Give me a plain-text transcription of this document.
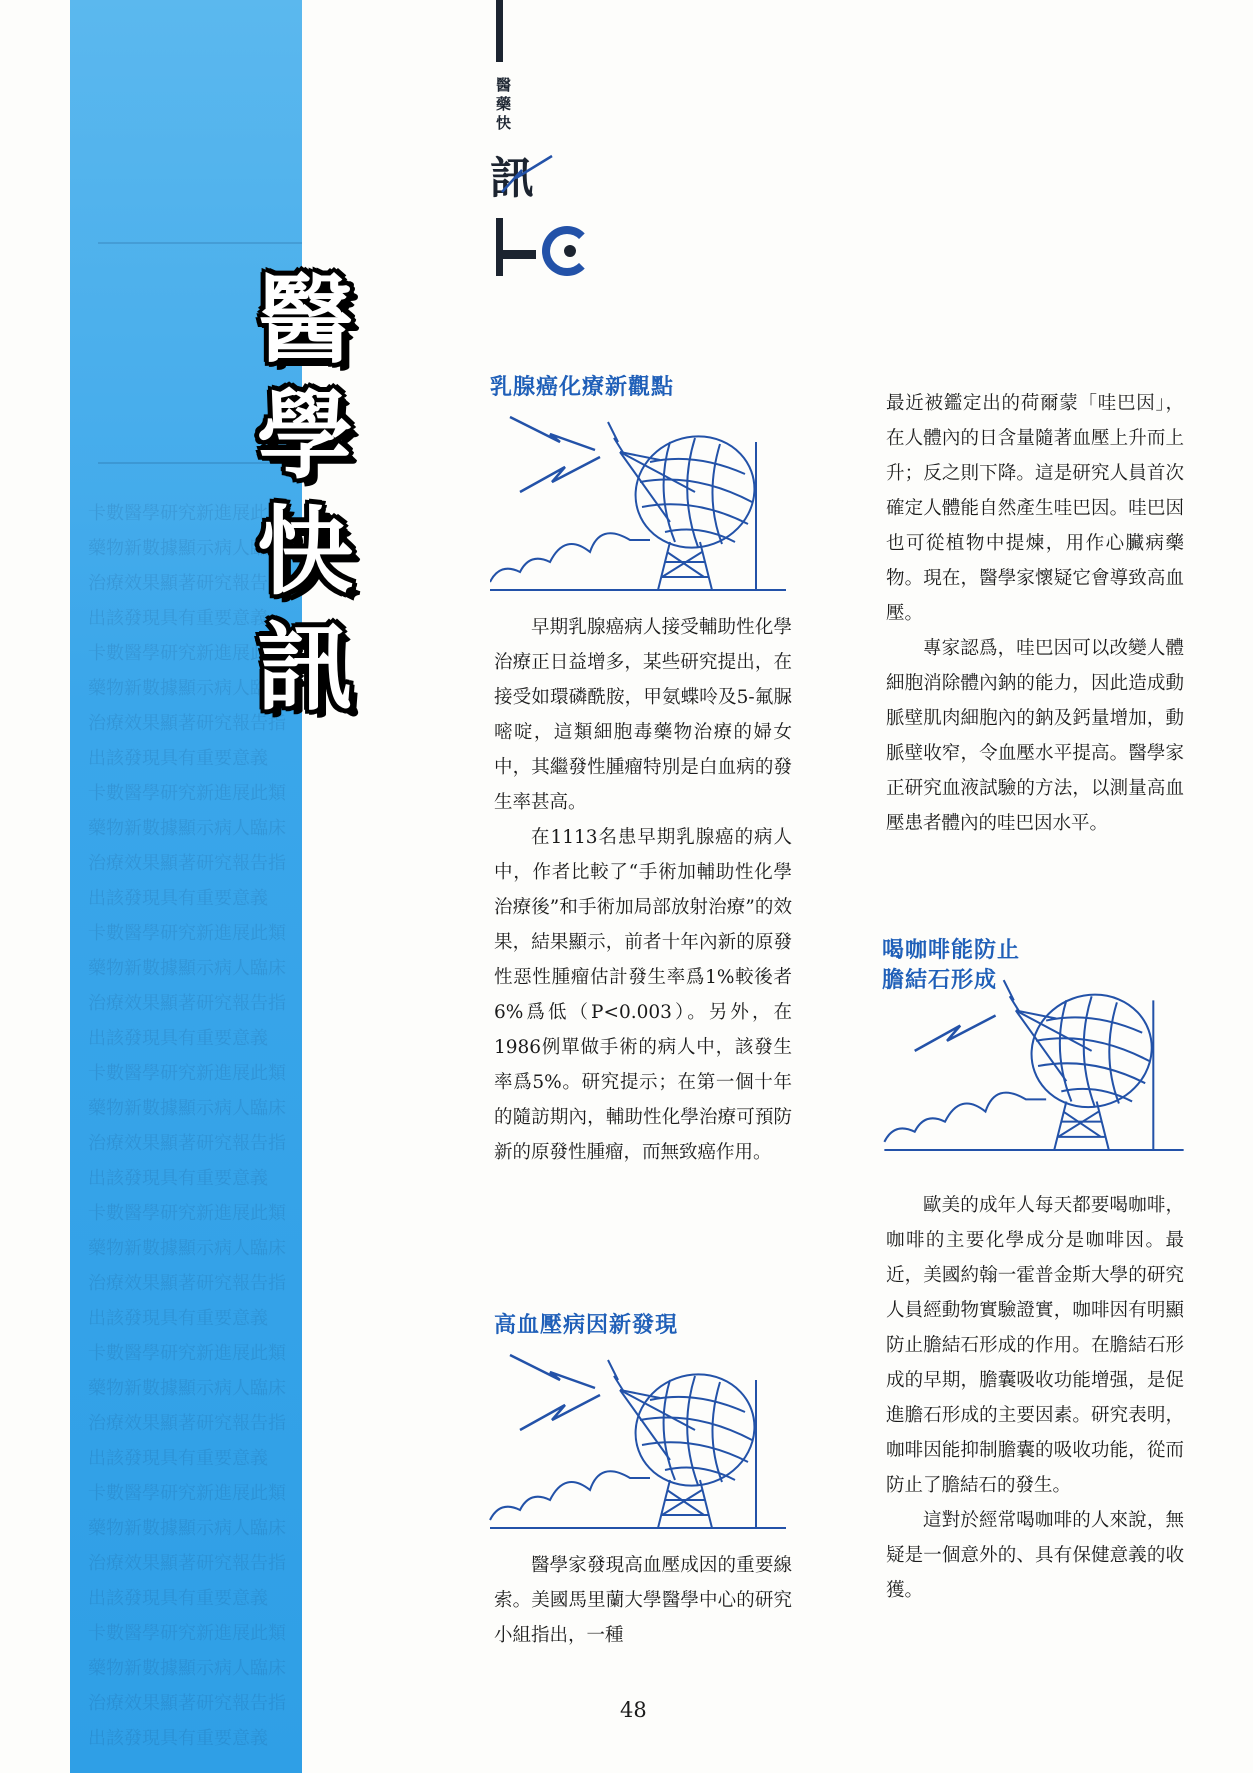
卡數醫學研究新進展此類藥物新數據顯示病人臨床治療效果顯著研究報告指出該發現具有重要意義
卡數醫學研究新進展此類藥物新數據顯示病人臨床治療效果顯著研究報告指出該發現具有重要意義
卡數醫學研究新進展此類藥物新數據顯示病人臨床治療效果顯著研究報告指出該發現具有重要意義
卡數醫學研究新進展此類藥物新數據顯示病人臨床治療效果顯著研究報告指出該發現具有重要意義
卡數醫學研究新進展此類藥物新數據顯示病人臨床治療效果顯著研究報告指出該發現具有重要意義
卡數醫學研究新進展此類藥物新數據顯示病人臨床治療效果顯著研究報告指出該發現具有重要意義
卡數醫學研究新進展此類藥物新數據顯示病人臨床治療效果顯著研究報告指出該發現具有重要意義
卡數醫學研究新進展此類藥物新數據顯示病人臨床治療效果顯著研究報告指出該發現具有重要意義
卡數醫學研究新進展此類藥物新數據顯示病人臨床治療效果顯著研究報告指出該發現具有重要意義
醫
學
快
訊
醫
藥
快
訊
乳腺癌化療新觀點

早期乳腺癌病人接受輔助性化學治療正日益增多，某些研究提出，在接受如環磷酰胺，甲氨蝶呤及5-氟脲嘧啶，這類細胞毒藥物治療的婦女中，其繼發性腫瘤特別是白血病的發生率甚高。

在1113名患早期乳腺癌的病人中，作者比較了“手術加輔助性化學治療後”和手術加局部放射治療”的效果，結果顯示，前者十年內新的原發性惡性腫瘤估計發生率爲1%較後者6%爲低（P<0.003）。另外，在1986例單做手術的病人中，該發生率爲5%。研究提示；在第一個十年的隨訪期內，輔助性化學治療可預防新的原發性腫瘤，而無致癌作用。

高血壓病因新發現

醫學家發現高血壓成因的重要線索。美國馬里蘭大學醫學中心的研究小組指出，一種

最近被鑑定出的荷爾蒙「哇巴因」，在人體內的日含量隨著血壓上升而上升；反之則下降。這是研究人員首次確定人體能自然產生哇巴因。哇巴因也可從植物中提煉，用作心臟病藥物。現在，醫學家懷疑它會導致高血壓。

專家認爲，哇巴因可以改變人體細胞消除體內鈉的能力，因此造成動脈壁肌肉細胞內的鈉及鈣量增加，動脈壁收窄，令血壓水平提高。醫學家正研究血液試驗的方法，以測量高血壓患者體內的哇巴因水平。

喝咖啡能防止
膽結石形成

歐美的成年人每天都要喝咖啡，咖啡的主要化學成分是咖啡因。最近，美國約翰一霍普金斯大學的研究人員經動物實驗證實，咖啡因有明顯防止膽結石形成的作用。在膽結石形成的早期，膽囊吸收功能增强，是促進膽石形成的主要因素。研究表明，咖啡因能抑制膽囊的吸收功能，從而防止了膽結石的發生。

這對於經常喝咖啡的人來說，無疑是一個意外的、具有保健意義的收獲。

48
